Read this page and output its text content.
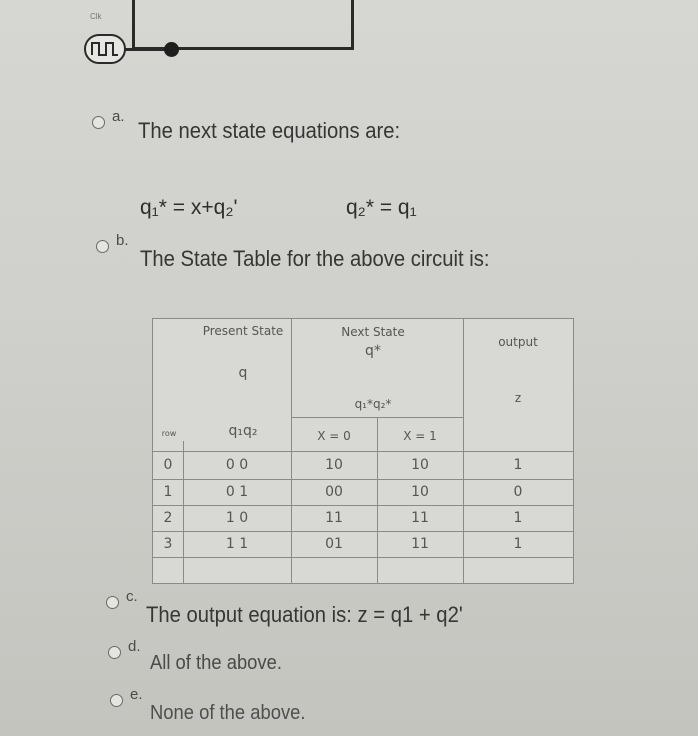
Clk
a.
The next state equations are:
q₁* = x+q₂'	q₂* = q₁
b.
The State Table for the above circuit is:
Present State
q
Next State
q*
q₁*q₂*
output
z
row	q₁q₂	X = 0	X = 1
0	0 0	10	10	1
1	0 1	00	10	0
2	1 0	11	11	1
3	1 1	01	11	1
c.
The output equation is: z = q1 + q2'
d.
All of the above.
e.
None of the above.
